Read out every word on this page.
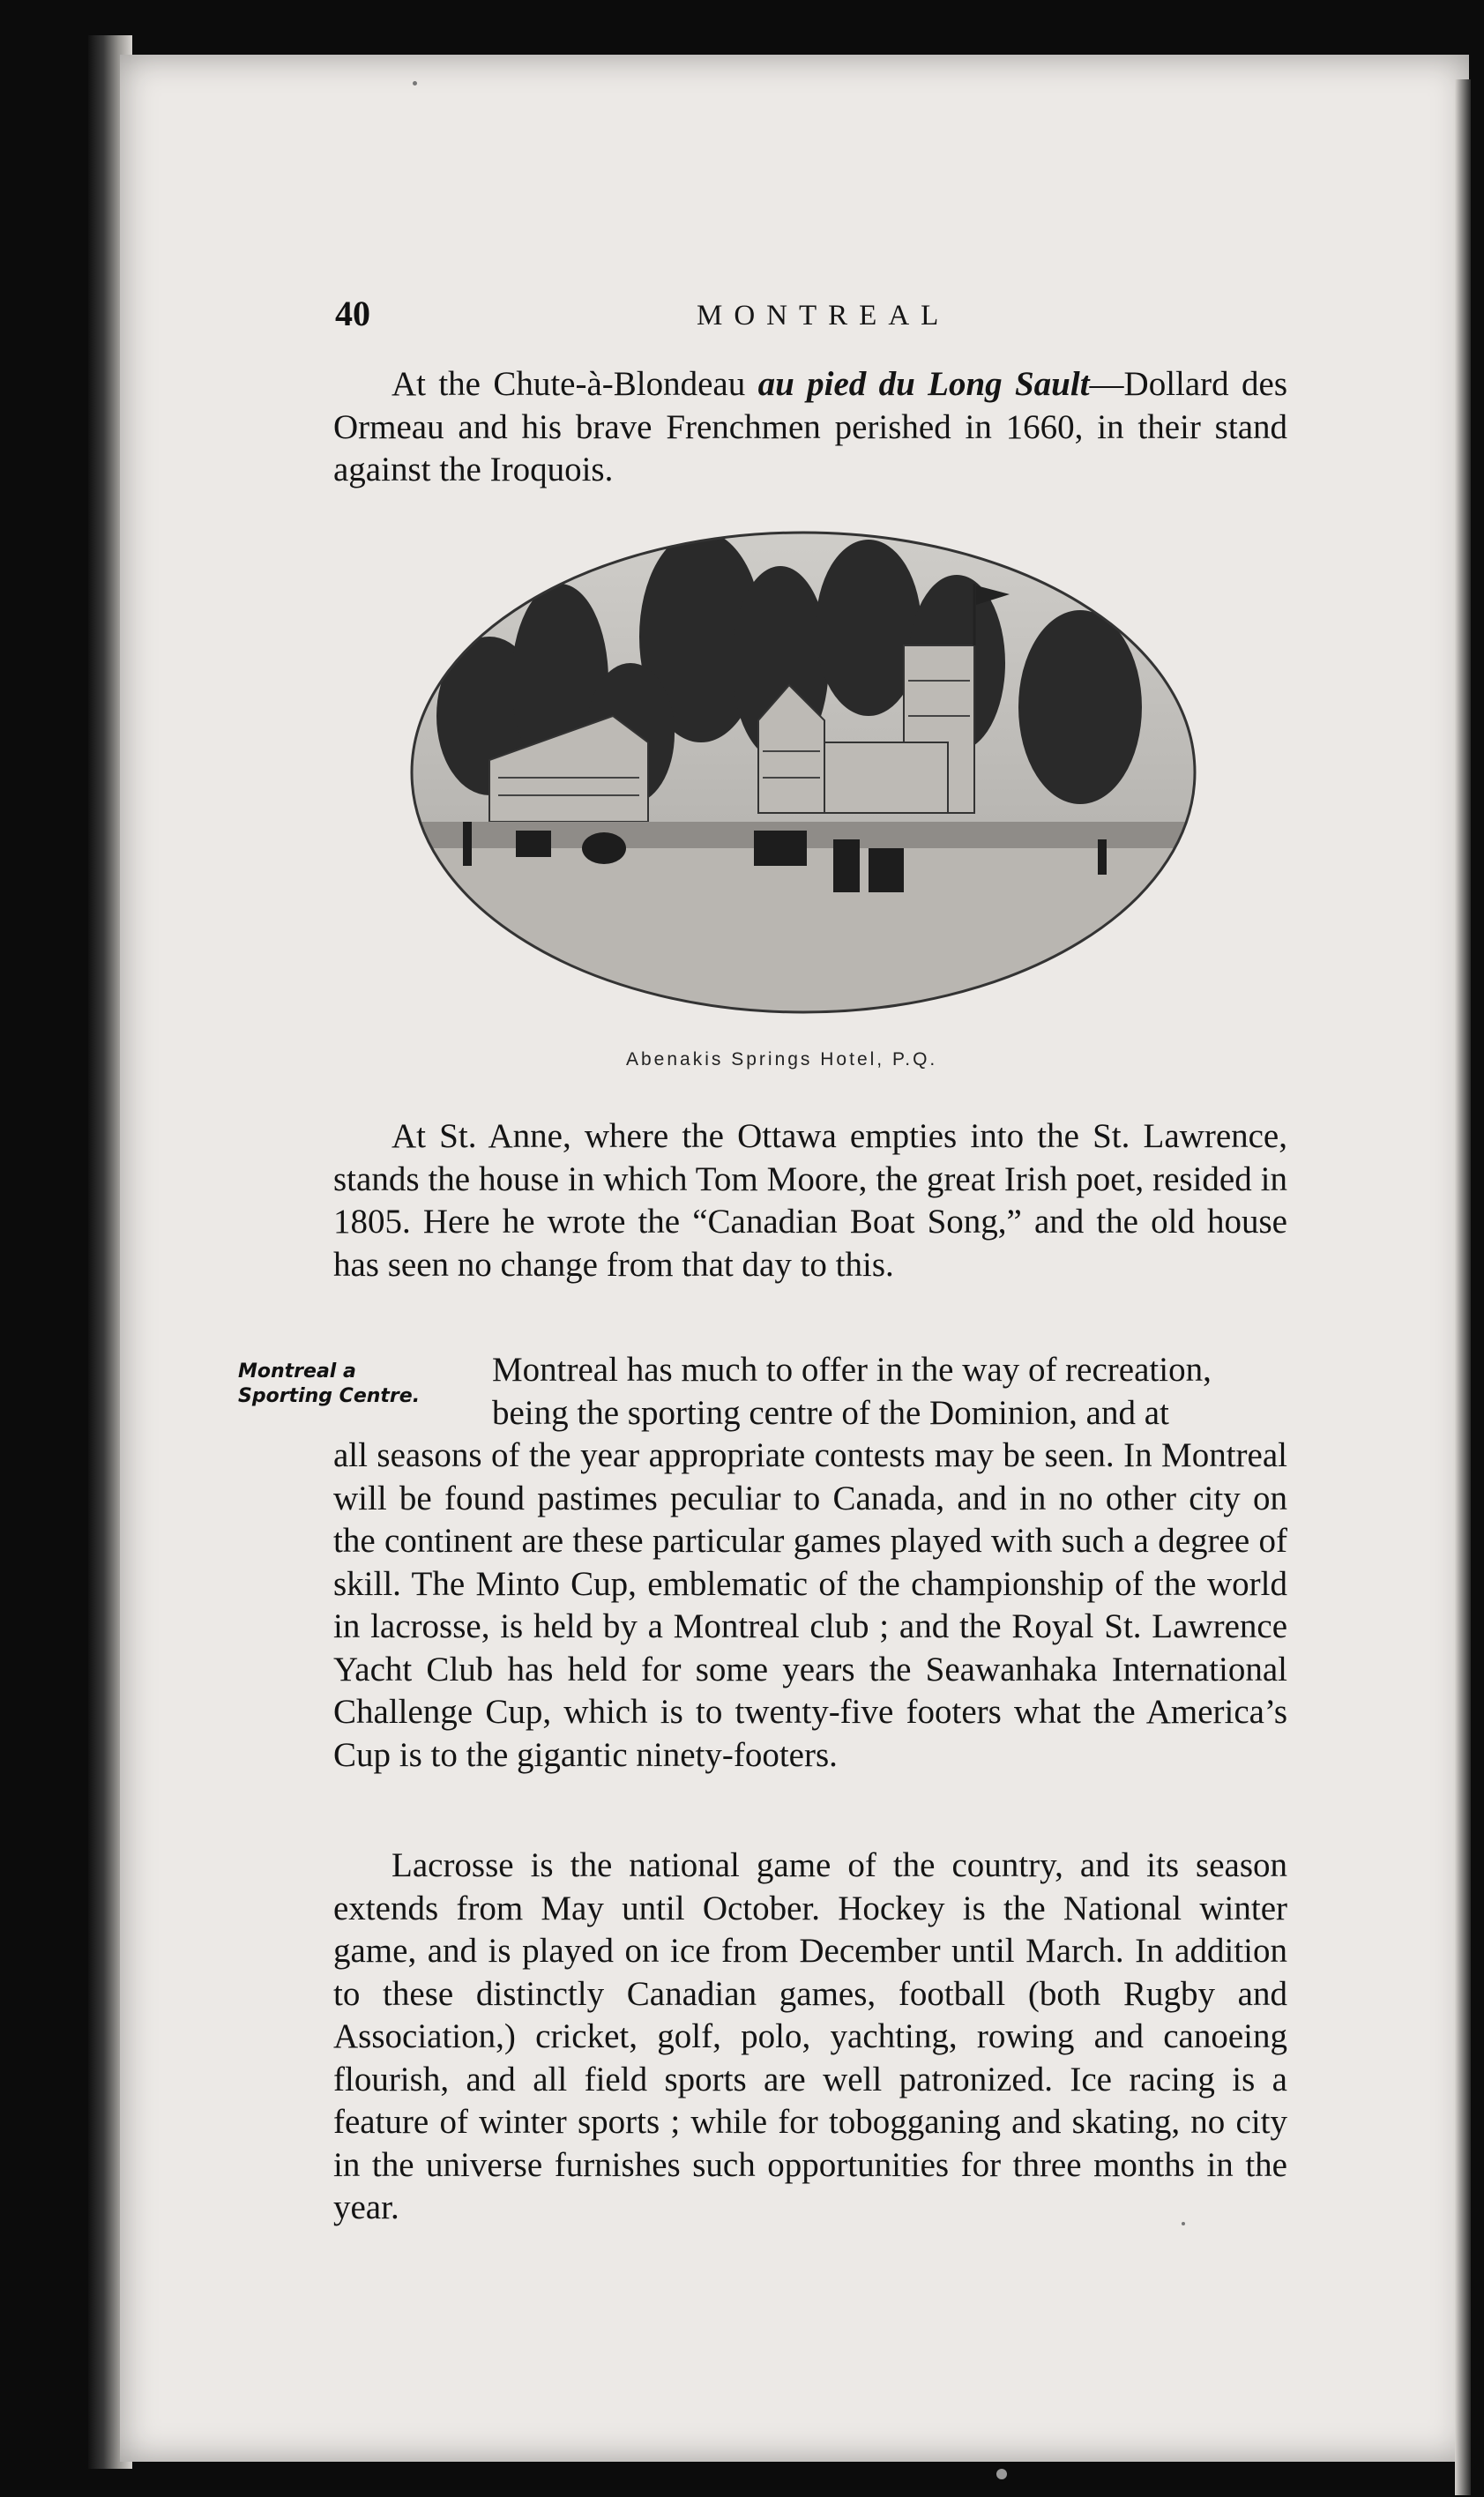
40	MONTREAL
At the Chute-à-Blondeau au pied du Long Sault—Dollard des Ormeau and his brave Frenchmen perished in 1660, in their stand against the Iroquois.
Abenakis Springs Hotel, P.Q.
At St. Anne, where the Ottawa empties into the St. Lawrence, stands the house in which Tom Moore, the great Irish poet, resided in 1805. Here he wrote the “Canadian Boat Song,” and the old house has seen no change from that day to this.
Montreal a
Sporting Centre.
Montreal has much to offer in the way of recreation,
being the sporting centre of the Dominion, and at
all seasons of the year appropriate contests may be seen. In Montreal will be found pastimes peculiar to Canada, and in no other city on the continent are these particular games played with such a degree of skill. The Minto Cup, emblematic of the championship of the world in lacrosse, is held by a Montreal club ; and the Royal St. Lawrence Yacht Club has held for some years the Seawanhaka International Challenge Cup, which is to twenty-five footers what the America’s Cup is to the gigantic ninety-footers.
Lacrosse is the national game of the country, and its season extends from May until October. Hockey is the National winter game, and is played on ice from December until March. In addition to these distinctly Canadian games, football (both Rugby and Association,) cricket, golf, polo, yachting, rowing and canoeing flourish, and all field sports are well patronized. Ice racing is a feature of winter sports ; while for tobogganing and skating, no city in the universe furnishes such opportunities for three months in the year.
